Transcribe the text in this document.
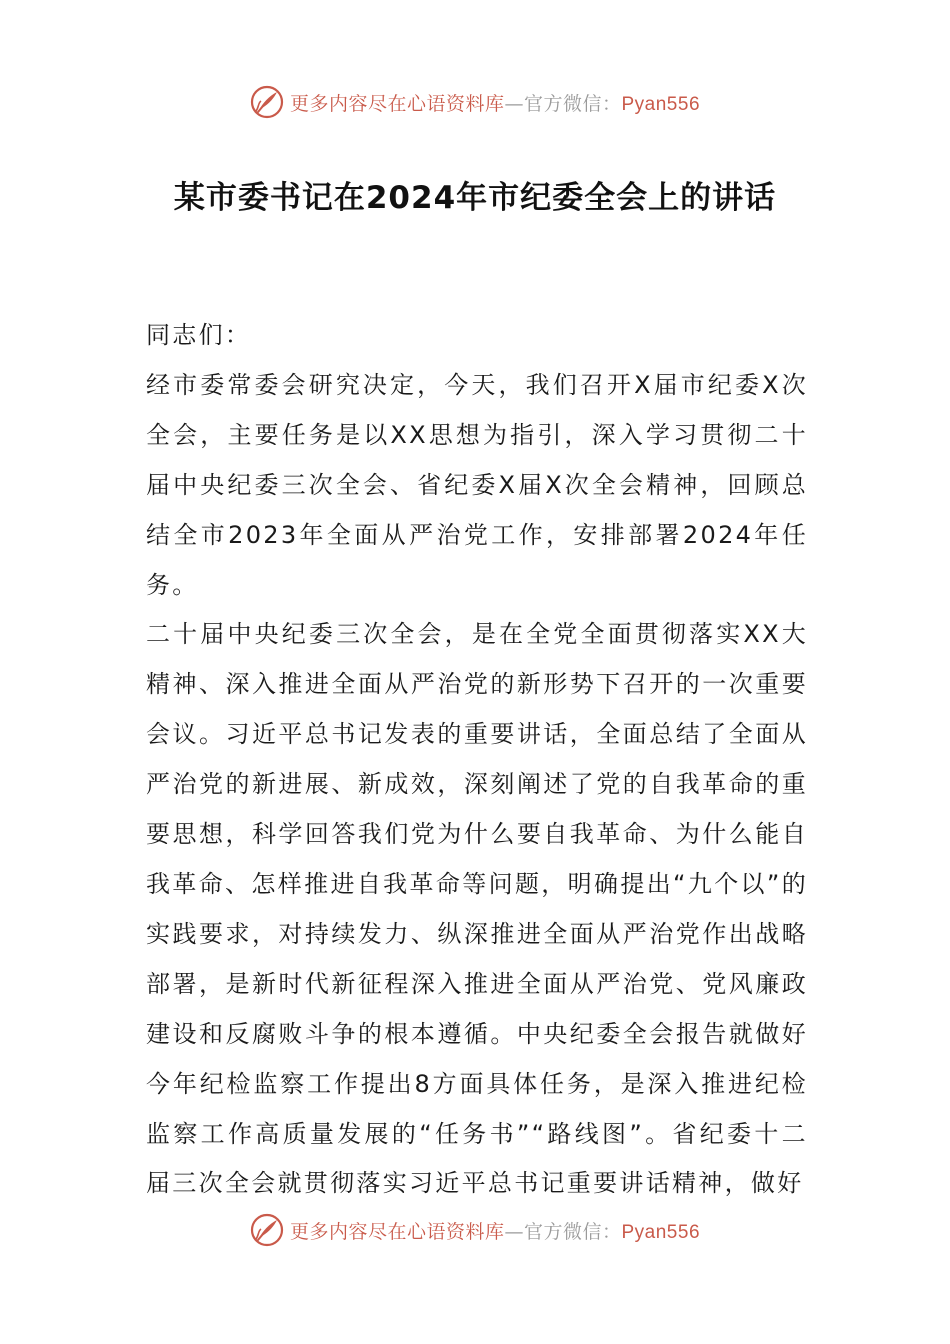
更多内容尽在心语资料库—官方微信：Pyan556
某市委书记在2024年市纪委全会上的讲话

同志们：

经市委常委会研究决定，今天，我们召开X届市纪委X次全会，主要任务是以XX思想为指引，深入学习贯彻二十届中央纪委三次全会、省纪委X届X次全会精神，回顾总结全市2023年全面从严治党工作，安排部署2024年任务。

二十届中央纪委三次全会，是在全党全面贯彻落实XX大精神、深入推进全面从严治党的新形势下召开的一次重要会议。习近平总书记发表的重要讲话，全面总结了全面从严治党的新进展、新成效，深刻阐述了党的自我革命的重要思想，科学回答我们党为什么要自我革命、为什么能自我革命、怎样推进自我革命等问题，明确提出“九个以”的实践要求，对持续发力、纵深推进全面从严治党作出战略部署，是新时代新征程深入推进全面从严治党、党风廉政建设和反腐败斗争的根本遵循。中央纪委全会报告就做好今年纪检监察工作提出8方面具体任务，是深入推进纪检监察工作高质量发展的“任务书”“路线图”。省纪委十二届三次全会就贯彻落实习近平总书记重要讲话精神，做好

更多内容尽在心语资料库—官方微信：Pyan556
